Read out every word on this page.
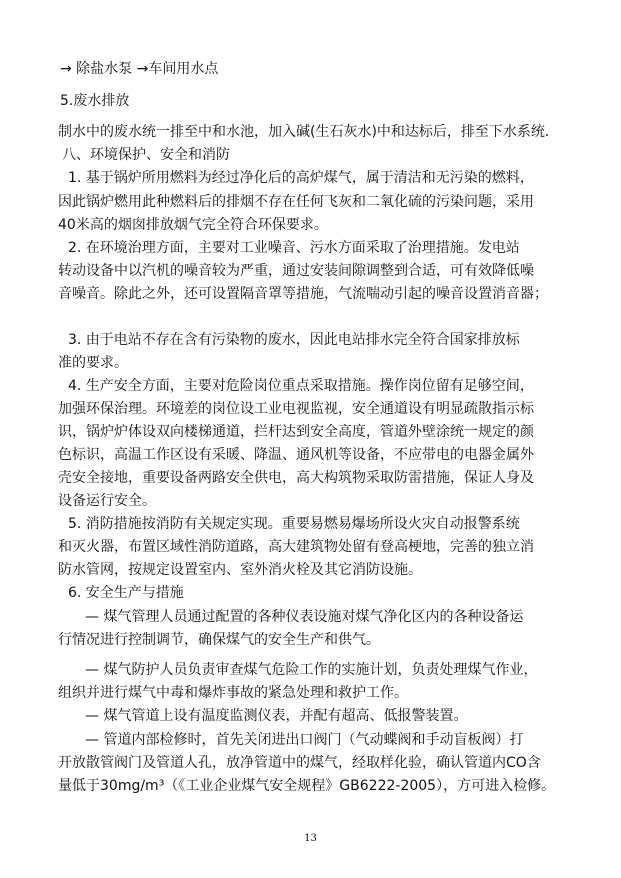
→ 除盐水泵 →车间用水点
5.废水排放
制水中的废水统一排至中和水池，加入碱(生石灰水)中和达标后，排至下水系统．
八、环境保护、安全和消防
1. 基于锅炉所用燃料为经过净化后的高炉煤气，属于清洁和无污染的燃料，
因此锅炉燃用此种燃料后的排烟不存在任何飞灰和二氧化硫的污染问题，采用
40米高的烟囱排放烟气完全符合环保要求。
2. 在环境治理方面，主要对工业噪音、污水方面采取了治理措施。发电站
转动设备中以汽机的噪音较为严重，通过安装间隙调整到合适，可有效降低噪
音噪音。除此之外，还可设置隔音罩等措施，气流喘动引起的噪音设置消音器；
3. 由于电站不存在含有污染物的废水，因此电站排水完全符合国家排放标
准的要求。
4. 生产安全方面，主要对危险岗位重点采取措施。操作岗位留有足够空间，
加强环保治理。环境差的岗位设工业电视监视，安全通道设有明显疏散指示标
识，锅炉炉体设双向楼梯通道，拦杆达到安全高度，管道外壁涂统一规定的颜
色标识，高温工作区设有采暖、降温、通风机等设备，不应带电的电器金属外
壳安全接地，重要设备两路安全供电，高大构筑物采取防雷措施，保证人身及
设备运行安全。
5. 消防措施按消防有关规定实现。重要易燃易爆场所设火灾自动报警系统
和灭火器，布置区域性消防道路，高大建筑物处留有登高梗地，完善的独立消
防水管网，按规定设置室内、室外消火栓及其它消防设施。
6. 安全生产与措施
— 煤气管理人员通过配置的各种仪表设施对煤气净化区内的各种设备运
行情况进行控制调节，确保煤气的安全生产和供气。
— 煤气防护人员负责审查煤气危险工作的实施计划，负责处理煤气作业，
组织并进行煤气中毒和爆炸事故的紧急处理和救护工作。
— 煤气管道上设有温度监测仪表，并配有超高、低报警装置。
— 管道内部检修时，首先关闭进出口阀门（气动蝶阀和手动盲板阀）打
开放散管阀门及管道人孔，放净管道中的煤气，经取样化验，确认管道内CO含
量低于30mg/m³（《工业企业煤气安全规程》GB6222-2005），方可进入检修。
13
